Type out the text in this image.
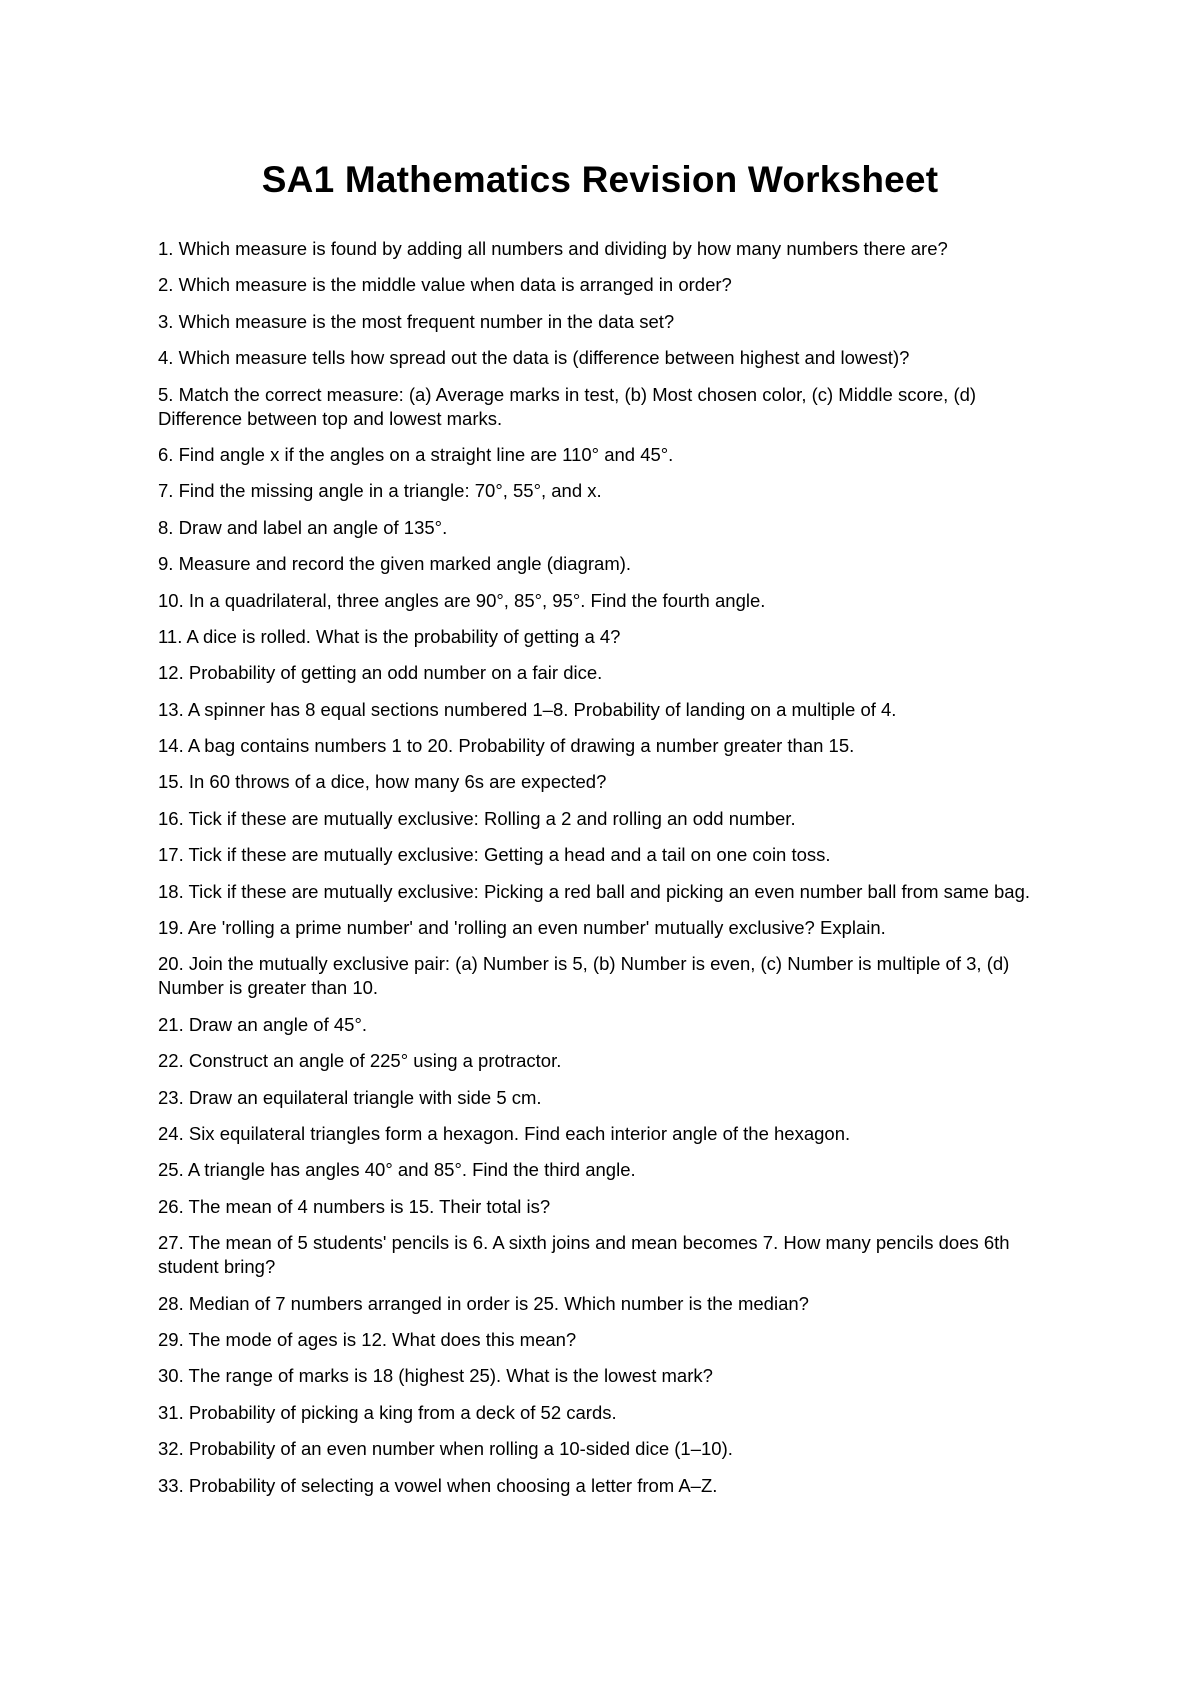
SA1 Mathematics Revision Worksheet
1. Which measure is found by adding all numbers and dividing by how many numbers there are?
2. Which measure is the middle value when data is arranged in order?
3. Which measure is the most frequent number in the data set?
4. Which measure tells how spread out the data is (difference between highest and lowest)?
5. Match the correct measure: (a) Average marks in test, (b) Most chosen color, (c) Middle score, (d) Difference between top and lowest marks.
6. Find angle x if the angles on a straight line are 110° and 45°.
7. Find the missing angle in a triangle: 70°, 55°, and x.
8. Draw and label an angle of 135°.
9. Measure and record the given marked angle (diagram).
10. In a quadrilateral, three angles are 90°, 85°, 95°. Find the fourth angle.
11. A dice is rolled. What is the probability of getting a 4?
12. Probability of getting an odd number on a fair dice.
13. A spinner has 8 equal sections numbered 1–8. Probability of landing on a multiple of 4.
14. A bag contains numbers 1 to 20. Probability of drawing a number greater than 15.
15. In 60 throws of a dice, how many 6s are expected?
16. Tick if these are mutually exclusive: Rolling a 2 and rolling an odd number.
17. Tick if these are mutually exclusive: Getting a head and a tail on one coin toss.
18. Tick if these are mutually exclusive: Picking a red ball and picking an even number ball from same bag.
19. Are 'rolling a prime number' and 'rolling an even number' mutually exclusive? Explain.
20. Join the mutually exclusive pair: (a) Number is 5, (b) Number is even, (c) Number is multiple of 3, (d) Number is greater than 10.
21. Draw an angle of 45°.
22. Construct an angle of 225° using a protractor.
23. Draw an equilateral triangle with side 5 cm.
24. Six equilateral triangles form a hexagon. Find each interior angle of the hexagon.
25. A triangle has angles 40° and 85°. Find the third angle.
26. The mean of 4 numbers is 15. Their total is?
27. The mean of 5 students' pencils is 6. A sixth joins and mean becomes 7. How many pencils does 6th student bring?
28. Median of 7 numbers arranged in order is 25. Which number is the median?
29. The mode of ages is 12. What does this mean?
30. The range of marks is 18 (highest 25). What is the lowest mark?
31. Probability of picking a king from a deck of 52 cards.
32. Probability of an even number when rolling a 10-sided dice (1–10).
33. Probability of selecting a vowel when choosing a letter from A–Z.
